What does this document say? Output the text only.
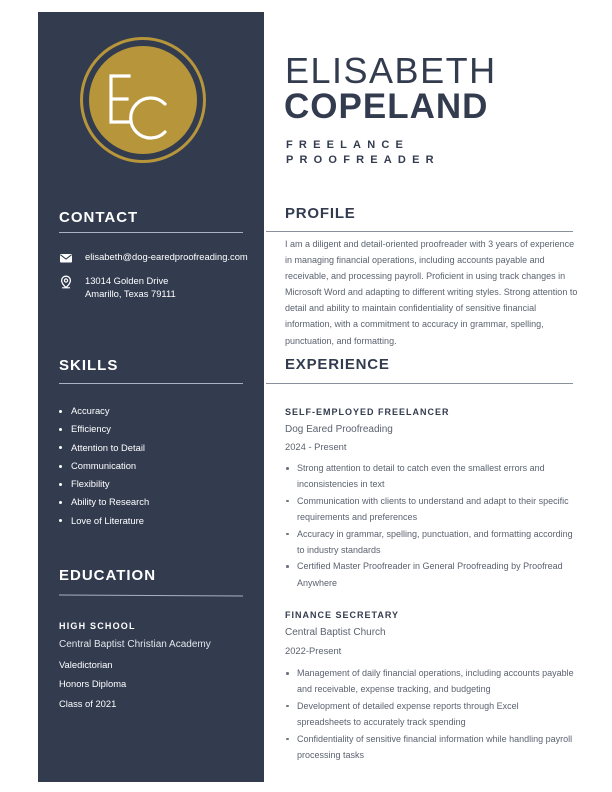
CONTACT
elisabeth@dog-earedproofreading.com
13014 Golden Drive
Amarillo, Texas 79111
SKILLS
Accuracy
Efficiency
Attention to Detail
Communication
Flexibility
Ability to Research
Love of Literature
EDUCATION
HIGH SCHOOL
Central Baptist Christian Academy
Valedictorian
Honors Diploma
Class of 2021
ELISABETH
COPELAND
FREELANCE
PROOFREADER
PROFILE
I am a diligent and detail-oriented proofreader with 3 years of experience in managing financial operations, including accounts payable and receivable, and processing payroll. Proficient in using track changes in Microsoft Word and adapting to different writing styles. Strong attention to detail and ability to maintain confidentiality of sensitive financial information, with a commitment to accuracy in grammar, spelling, punctuation, and formatting.
EXPERIENCE
SELF-EMPLOYED FREELANCER
Dog Eared Proofreading
2024 - Present
Strong attention to detail to catch even the smallest errors and inconsistencies in text
Communication with clients to understand and adapt to their specific requirements and preferences
Accuracy in grammar, spelling, punctuation, and formatting according to industry standards
Certified Master Proofreader in General Proofreading by Proofread Anywhere
FINANCE SECRETARY
Central Baptist Church
2022-Present
Management of daily financial operations, including accounts payable and receivable, expense tracking, and budgeting
Development of detailed expense reports through Excel spreadsheets to accurately track spending
Confidentiality of sensitive financial information while handling payroll processing tasks
